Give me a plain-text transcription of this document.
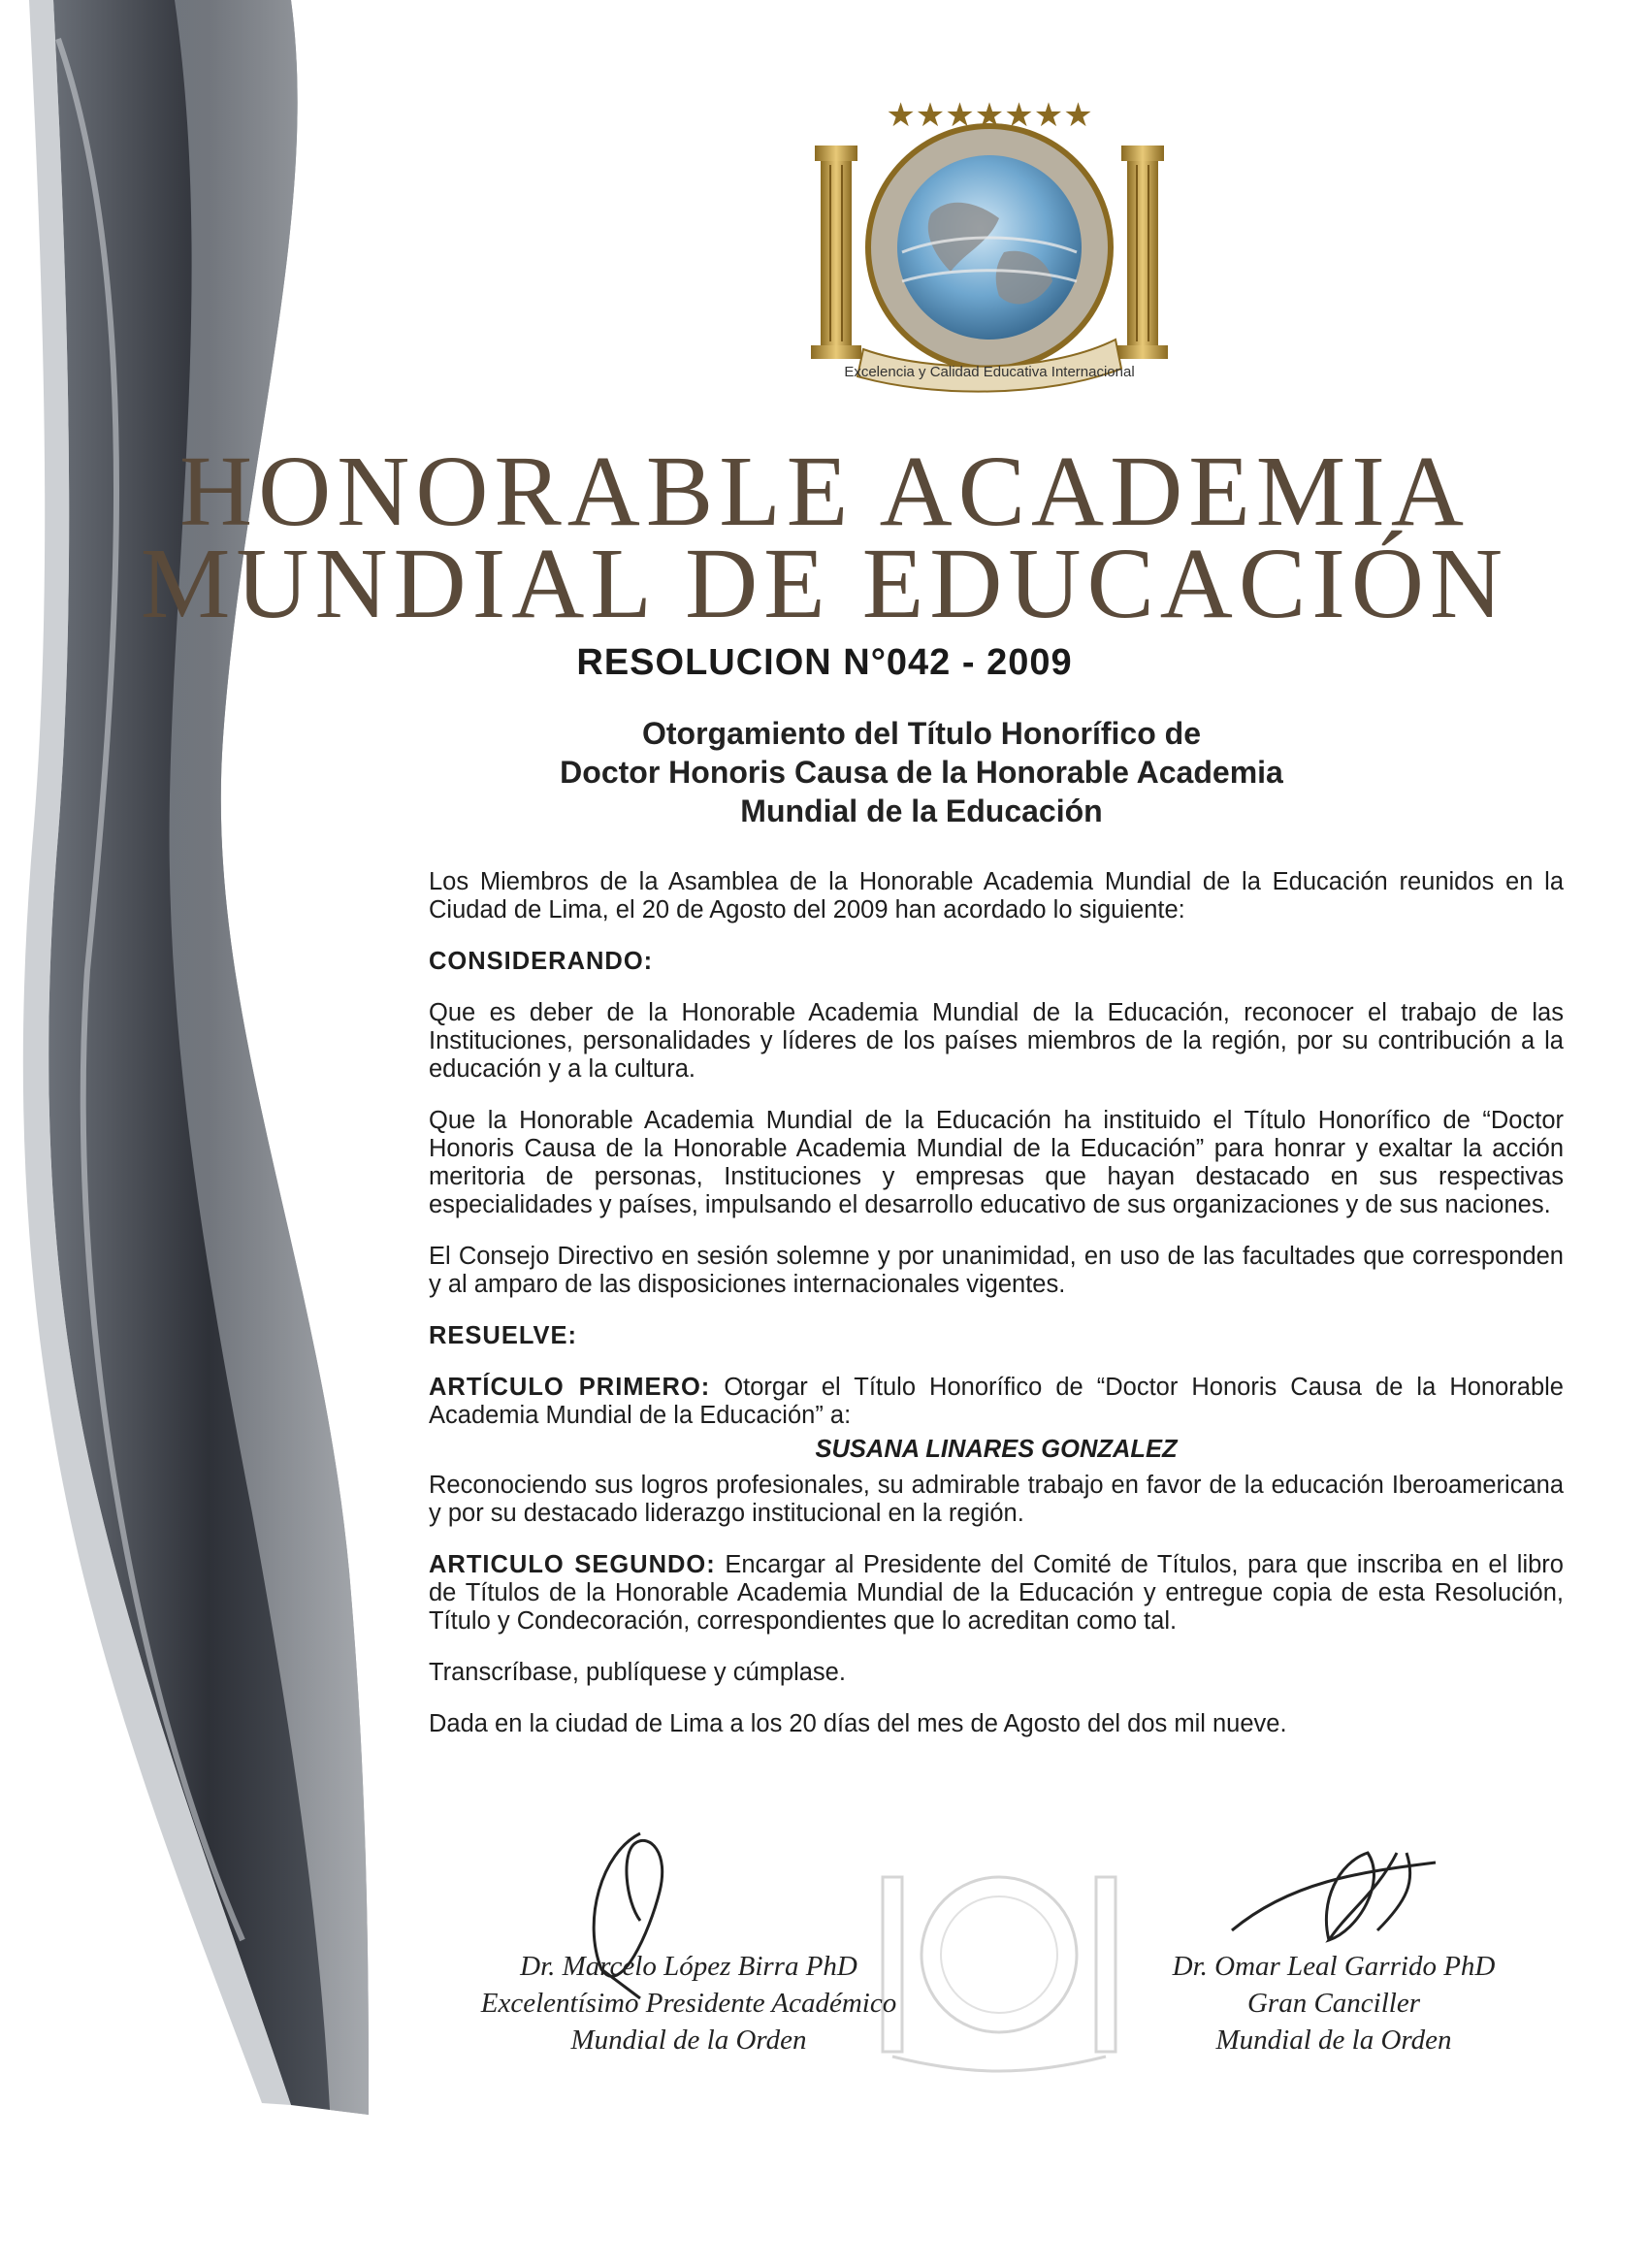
★★★★★★★
Excelencia y Calidad Educativa Internacional
HONORABLE ACADEMIA
MUNDIAL DE EDUCACIÓN
RESOLUCION N°042 - 2009
Otorgamiento del Título Honorífico de
Doctor Honoris Causa de la Honorable Academia
Mundial de la Educación

Los Miembros de la Asamblea de la Honorable Academia Mundial de la Educación reunidos en la Ciudad de Lima, el 20 de Agosto del 2009 han acordado lo siguiente:

CONSIDERANDO:

Que es deber de la Honorable Academia Mundial de la Educación, reconocer el trabajo de las Instituciones, personalidades y líderes de los países miembros de la región, por su contribución a la educación y a la cultura.

Que la Honorable Academia Mundial de la Educación ha instituido el Título Honorífico de “Doctor Honoris Causa de la Honorable Academia Mundial de la Educación” para honrar y exaltar la acción meritoria de personas, Instituciones y empresas que hayan destacado en sus respectivas especialidades y países, impulsando el desarrollo educativo de sus organizaciones y de sus naciones.

El Consejo Directivo en sesión solemne y por unanimidad, en uso de las facultades que corresponden y al amparo de las disposiciones internacionales vigentes.

RESUELVE:

ARTÍCULO PRIMERO: Otorgar el Título Honorífico de “Doctor Honoris Causa de la Honorable Academia Mundial de la Educación” a:

SUSANA LINARES GONZALEZ

Reconociendo sus logros profesionales, su admirable trabajo en favor de la educación Iberoamericana y por su destacado liderazgo institucional en la región.

ARTICULO SEGUNDO: Encargar al Presidente del Comité de Títulos, para que inscriba en el libro de Títulos de la Honorable Academia Mundial de la Educación y entregue copia de esta Resolución, Título y Condecoración, correspondientes que lo acreditan como tal.

Transcríbase, publíquese y cúmplase.

Dada en la ciudad de Lima a los 20 días del mes de Agosto del dos mil nueve.

Dr. Marcelo López Birra PhD
Excelentísimo Presidente Académico
Mundial de la Orden
Dr. Omar Leal Garrido PhD
Gran Canciller
Mundial de la Orden
